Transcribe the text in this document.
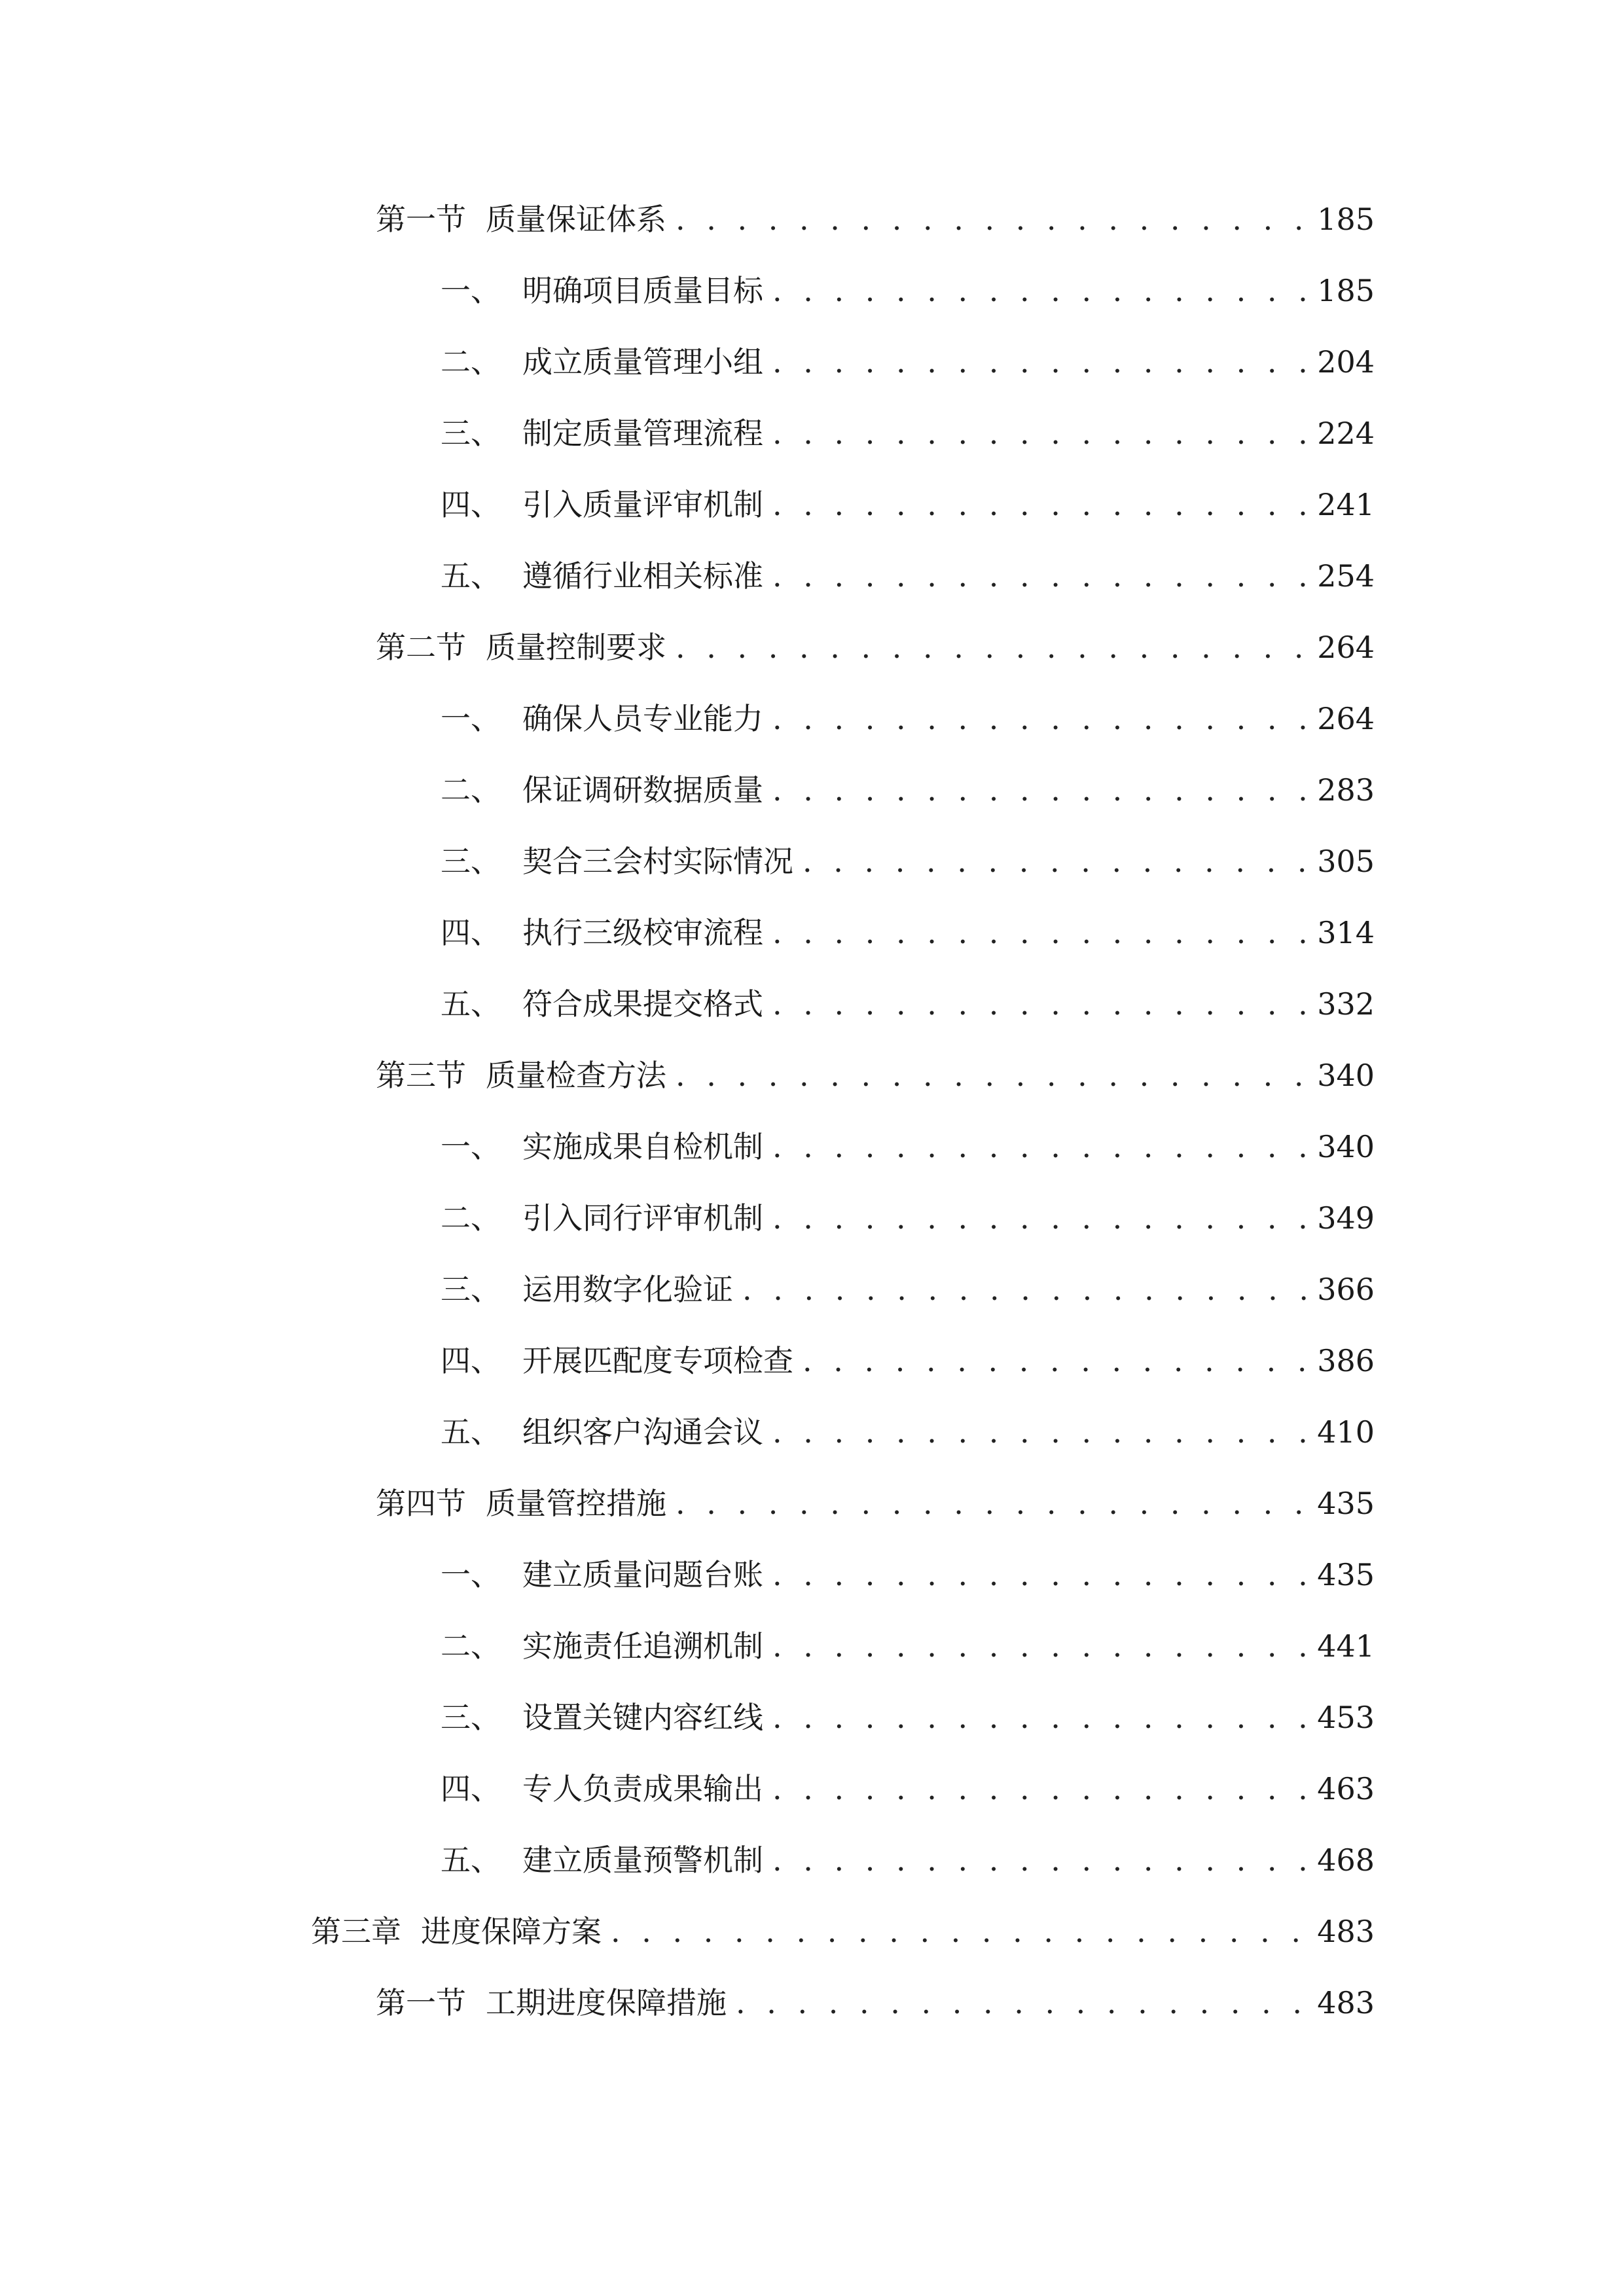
第一节 质量保证体系 . . .	185
一、 明确项目质量目标 . . .	185
二、 成立质量管理小组 . . .	204
三、 制定质量管理流程 . . .	224
四、 引入质量评审机制 . . .	241
五、 遵循行业相关标准 . . .	254
第二节 质量控制要求 . . .	264
一、 确保人员专业能力 . . .	264
二、 保证调研数据质量 . . .	283
三、 契合三会村实际情况 . . .	305
四、 执行三级校审流程 . . .	314
五、 符合成果提交格式 . . .	332
第三节 质量检查方法 . . .	340
一、 实施成果自检机制 . . .	340
二、 引入同行评审机制 . . .	349
三、 运用数字化验证 . . .	366
四、 开展匹配度专项检查 . . .	386
五、 组织客户沟通会议 . . .	410
第四节 质量管控措施 . . .	435
一、 建立质量问题台账 . . .	435
二、 实施责任追溯机制 . . .	441
三、 设置关键内容红线 . . .	453
四、 专人负责成果输出 . . .	463
五、 建立质量预警机制 . . .	468
第三章 进度保障方案 . . .	483
第一节 工期进度保障措施 . . .	483
